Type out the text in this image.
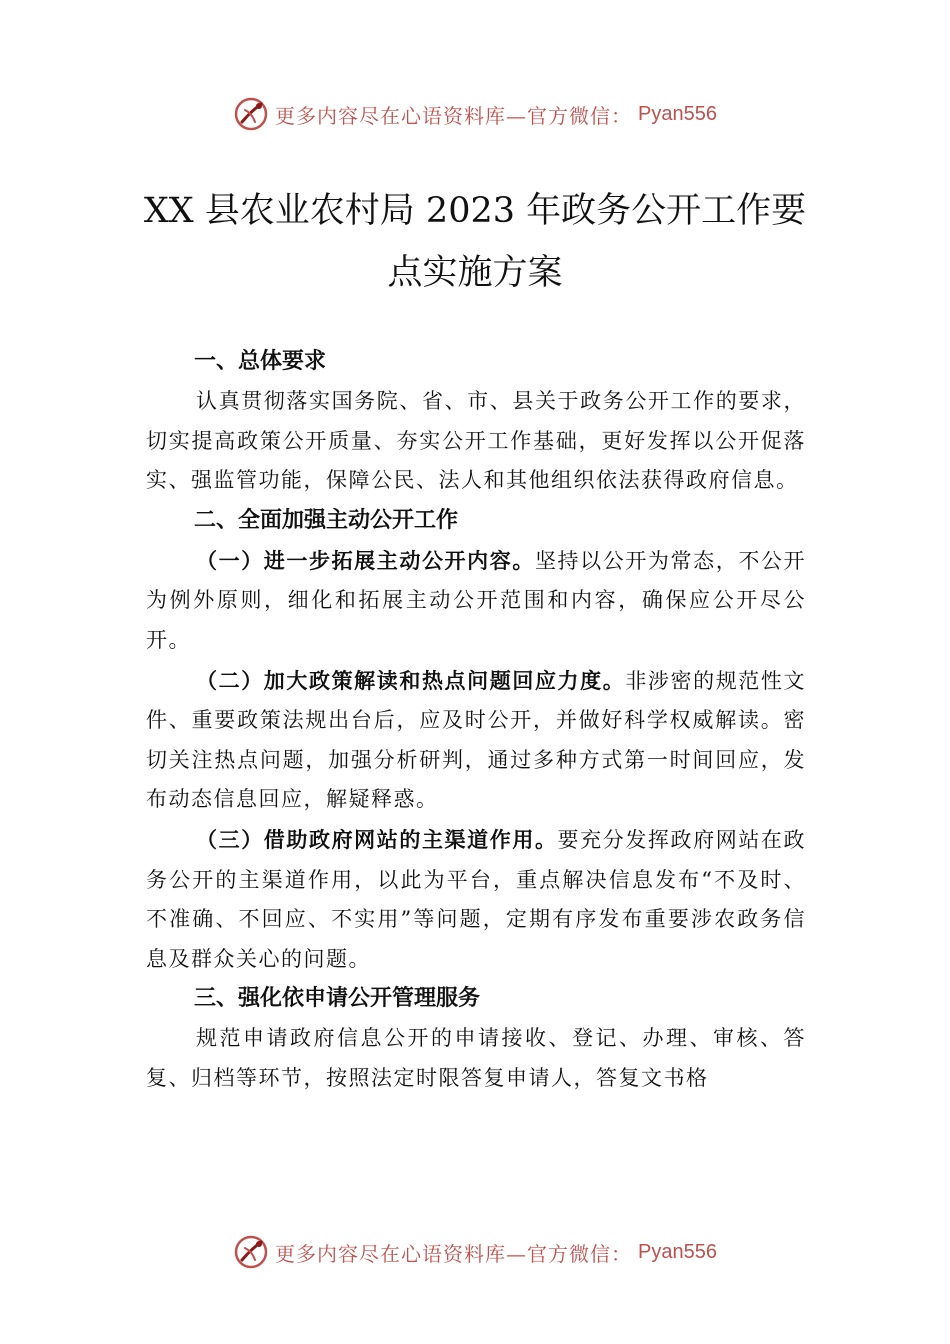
更多内容尽在心语资料库—官方微信： Pyan556
XX 县农业农村局 2023 年政务公开工作要
点实施方案

一、总体要求

认真贯彻落实国务院、省、市、县关于政务公开工作的要求，切实提高政策公开质量、夯实公开工作基础，更好发挥以公开促落实、强监管功能，保障公民、法人和其他组织依法获得政府信息。

二、全面加强主动公开工作

（一）进一步拓展主动公开内容。坚持以公开为常态，不公开为例外原则，细化和拓展主动公开范围和内容，确保应公开尽公开。

（二）加大政策解读和热点问题回应力度。非涉密的规范性文件、重要政策法规出台后，应及时公开，并做好科学权威解读。密切关注热点问题，加强分析研判，通过多种方式第一时间回应，发布动态信息回应，解疑释惑。

（三）借助政府网站的主渠道作用。要充分发挥政府网站在政务公开的主渠道作用，以此为平台，重点解决信息发布“不及时、不准确、不回应、不实用”等问题，定期有序发布重要涉农政务信息及群众关心的问题。

三、强化依申请公开管理服务

规范申请政府信息公开的申请接收、登记、办理、审核、答复、归档等环节，按照法定时限答复申请人，答复文书格

更多内容尽在心语资料库—官方微信： Pyan556
